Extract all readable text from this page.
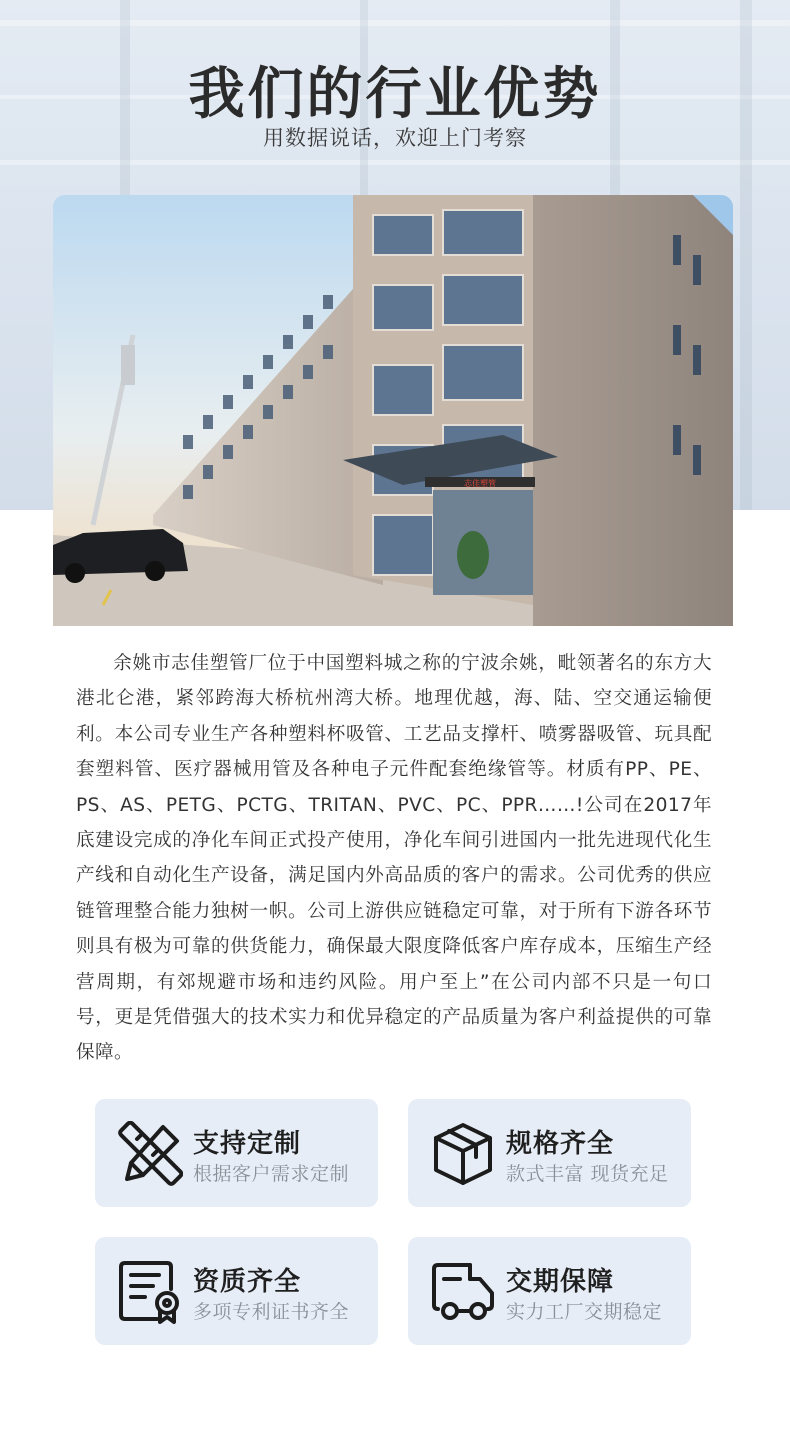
我们的行业优势
用数据说话，欢迎上门考察
志佳塑管
余姚市志佳塑管厂位于中国塑料城之称的宁波余姚，毗领著名的东方大港北仑港，紧邻跨海大桥杭州湾大桥。地理优越，海、陆、空交通运输便利。本公司专业生产各种塑料杯吸管、工艺品支撑杆、喷雾器吸管、玩具配套塑料管、医疗器械用管及各种电子元件配套绝缘管等。材质有PP、PE、PS、AS、PETG、PCTG、TRITAN、PVC、PC、PPR……!公司在2017年底建设完成的净化车间正式投产使用，净化车间引进国内一批先进现代化生产线和自动化生产设备，满足国内外高品质的客户的需求。公司优秀的供应链管理整合能力独树一帜。公司上游供应链稳定可靠，对于所有下游各环节则具有极为可靠的供货能力，确保最大限度降低客户库存成本，压缩生产经营周期，有郊规避市场和违约风险。用户至上”在公司内部不只是一句口号，更是凭借强大的技术实力和优异稳定的产品质量为客户利益提供的可靠保障。
支持定制
根据客户需求定制
规格齐全
款式丰富 现货充足
资质齐全
多项专利证书齐全
交期保障
实力工厂交期稳定
